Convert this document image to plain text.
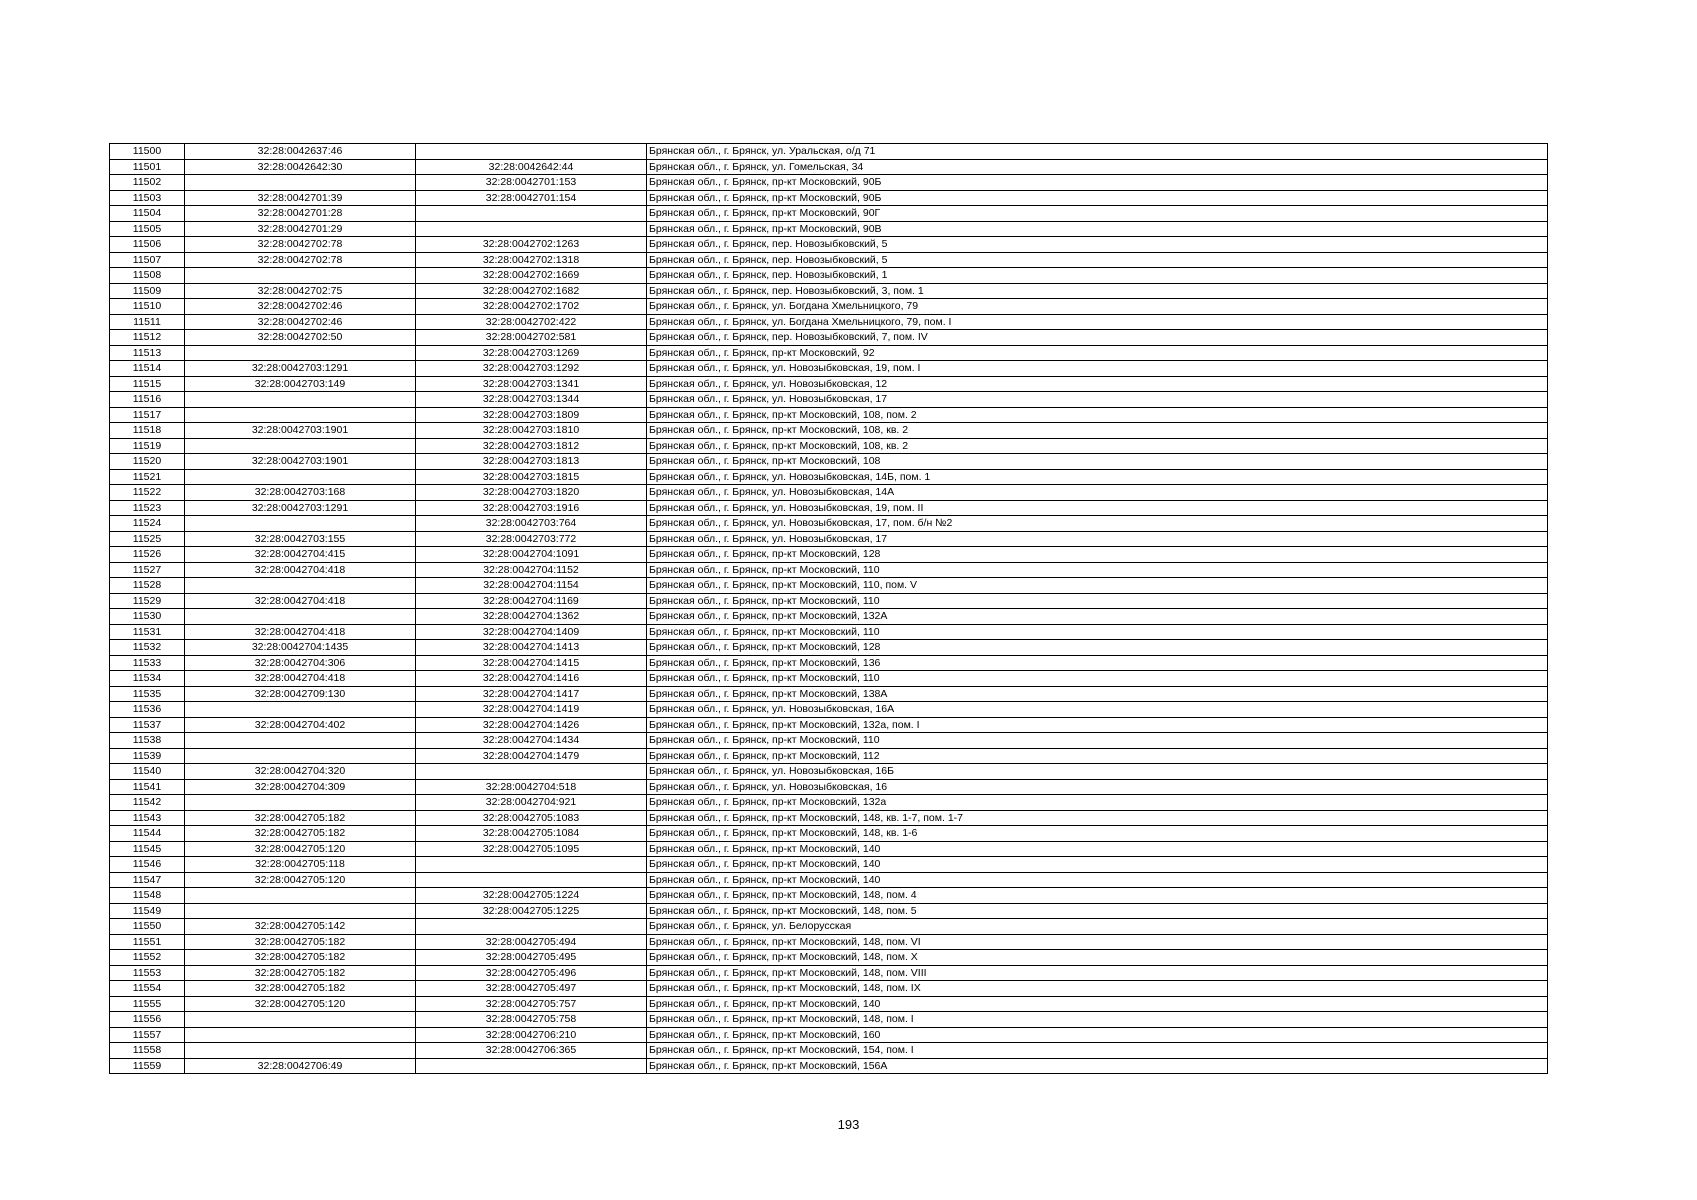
11500	32:28:0042637:46		Брянская обл., г. Брянск, ул. Уральская, о/д 71
11501	32:28:0042642:30	32:28:0042642:44	Брянская обл., г. Брянск, ул. Гомельская, 34
11502		32:28:0042701:153	Брянская обл., г. Брянск, пр-кт Московский, 90Б
11503	32:28:0042701:39	32:28:0042701:154	Брянская обл., г. Брянск, пр-кт Московский, 90Б
11504	32:28:0042701:28		Брянская обл., г. Брянск, пр-кт Московский, 90Г
11505	32:28:0042701:29		Брянская обл., г. Брянск, пр-кт Московский, 90В
11506	32:28:0042702:78	32:28:0042702:1263	Брянская обл., г. Брянск, пер. Новозыбковский, 5
11507	32:28:0042702:78	32:28:0042702:1318	Брянская обл., г. Брянск, пер. Новозыбковский, 5
11508		32:28:0042702:1669	Брянская обл., г. Брянск, пер. Новозыбковский, 1
11509	32:28:0042702:75	32:28:0042702:1682	Брянская обл., г. Брянск, пер. Новозыбковский, 3, пом. 1
11510	32:28:0042702:46	32:28:0042702:1702	Брянская обл., г. Брянск, ул. Богдана Хмельницкого, 79
11511	32:28:0042702:46	32:28:0042702:422	Брянская обл., г. Брянск, ул. Богдана Хмельницкого, 79, пом. I
11512	32:28:0042702:50	32:28:0042702:581	Брянская обл., г. Брянск, пер. Новозыбковский, 7, пом. IV
11513		32:28:0042703:1269	Брянская обл., г. Брянск, пр-кт Московский, 92
11514	32:28:0042703:1291	32:28:0042703:1292	Брянская обл., г. Брянск, ул. Новозыбковская, 19, пом. I
11515	32:28:0042703:149	32:28:0042703:1341	Брянская обл., г. Брянск, ул. Новозыбковская, 12
11516		32:28:0042703:1344	Брянская обл., г. Брянск, ул. Новозыбковская, 17
11517		32:28:0042703:1809	Брянская обл., г. Брянск, пр-кт Московский, 108, пом. 2
11518	32:28:0042703:1901	32:28:0042703:1810	Брянская обл., г. Брянск, пр-кт Московский, 108, кв. 2
11519		32:28:0042703:1812	Брянская обл., г. Брянск, пр-кт Московский, 108, кв. 2
11520	32:28:0042703:1901	32:28:0042703:1813	Брянская обл., г. Брянск, пр-кт Московский, 108
11521		32:28:0042703:1815	Брянская обл., г. Брянск, ул. Новозыбковская, 14Б, пом. 1
11522	32:28:0042703:168	32:28:0042703:1820	Брянская обл., г. Брянск, ул. Новозыбковская, 14А
11523	32:28:0042703:1291	32:28:0042703:1916	Брянская обл., г. Брянск, ул. Новозыбковская, 19, пом. II
11524		32:28:0042703:764	Брянская обл., г. Брянск, ул. Новозыбковская, 17, пом. б/н №2
11525	32:28:0042703:155	32:28:0042703:772	Брянская обл., г. Брянск, ул. Новозыбковская, 17
11526	32:28:0042704:415	32:28:0042704:1091	Брянская обл., г. Брянск, пр-кт Московский, 128
11527	32:28:0042704:418	32:28:0042704:1152	Брянская обл., г. Брянск, пр-кт Московский, 110
11528		32:28:0042704:1154	Брянская обл., г. Брянск, пр-кт Московский, 110, пом. V
11529	32:28:0042704:418	32:28:0042704:1169	Брянская обл., г. Брянск, пр-кт Московский, 110
11530		32:28:0042704:1362	Брянская обл., г. Брянск, пр-кт Московский, 132А
11531	32:28:0042704:418	32:28:0042704:1409	Брянская обл., г. Брянск, пр-кт Московский, 110
11532	32:28:0042704:1435	32:28:0042704:1413	Брянская обл., г. Брянск, пр-кт Московский, 128
11533	32:28:0042704:306	32:28:0042704:1415	Брянская обл., г. Брянск, пр-кт Московский, 136
11534	32:28:0042704:418	32:28:0042704:1416	Брянская обл., г. Брянск, пр-кт Московский, 110
11535	32:28:0042709:130	32:28:0042704:1417	Брянская обл., г. Брянск, пр-кт Московский, 138А
11536		32:28:0042704:1419	Брянская обл., г. Брянск, ул. Новозыбковская, 16А
11537	32:28:0042704:402	32:28:0042704:1426	Брянская обл., г. Брянск, пр-кт Московский, 132а, пом. I
11538		32:28:0042704:1434	Брянская обл., г. Брянск, пр-кт Московский, 110
11539		32:28:0042704:1479	Брянская обл., г. Брянск, пр-кт Московский, 112
11540	32:28:0042704:320		Брянская обл., г. Брянск, ул. Новозыбковская, 16Б
11541	32:28:0042704:309	32:28:0042704:518	Брянская обл., г. Брянск, ул. Новозыбковская, 16
11542		32:28:0042704:921	Брянская обл., г. Брянск, пр-кт Московский, 132а
11543	32:28:0042705:182	32:28:0042705:1083	Брянская обл., г. Брянск, пр-кт Московский, 148, кв. 1-7, пом. 1-7
11544	32:28:0042705:182	32:28:0042705:1084	Брянская обл., г. Брянск, пр-кт Московский, 148, кв. 1-6
11545	32:28:0042705:120	32:28:0042705:1095	Брянская обл., г. Брянск, пр-кт Московский, 140
11546	32:28:0042705:118		Брянская обл., г. Брянск, пр-кт Московский, 140
11547	32:28:0042705:120		Брянская обл., г. Брянск, пр-кт Московский, 140
11548		32:28:0042705:1224	Брянская обл., г. Брянск, пр-кт Московский, 148, пом. 4
11549		32:28:0042705:1225	Брянская обл., г. Брянск, пр-кт Московский, 148, пом. 5
11550	32:28:0042705:142		Брянская обл., г. Брянск, ул. Белорусская
11551	32:28:0042705:182	32:28:0042705:494	Брянская обл., г. Брянск, пр-кт Московский, 148, пом. VI
11552	32:28:0042705:182	32:28:0042705:495	Брянская обл., г. Брянск, пр-кт Московский, 148, пом. X
11553	32:28:0042705:182	32:28:0042705:496	Брянская обл., г. Брянск, пр-кт Московский, 148, пом. VIII
11554	32:28:0042705:182	32:28:0042705:497	Брянская обл., г. Брянск, пр-кт Московский, 148, пом. IX
11555	32:28:0042705:120	32:28:0042705:757	Брянская обл., г. Брянск, пр-кт Московский, 140
11556		32:28:0042705:758	Брянская обл., г. Брянск, пр-кт Московский, 148, пом. I
11557		32:28:0042706:210	Брянская обл., г. Брянск, пр-кт Московский, 160
11558		32:28:0042706:365	Брянская обл., г. Брянск, пр-кт Московский, 154, пом. I
11559	32:28:0042706:49		Брянская обл., г. Брянск, пр-кт Московский, 156А
193
